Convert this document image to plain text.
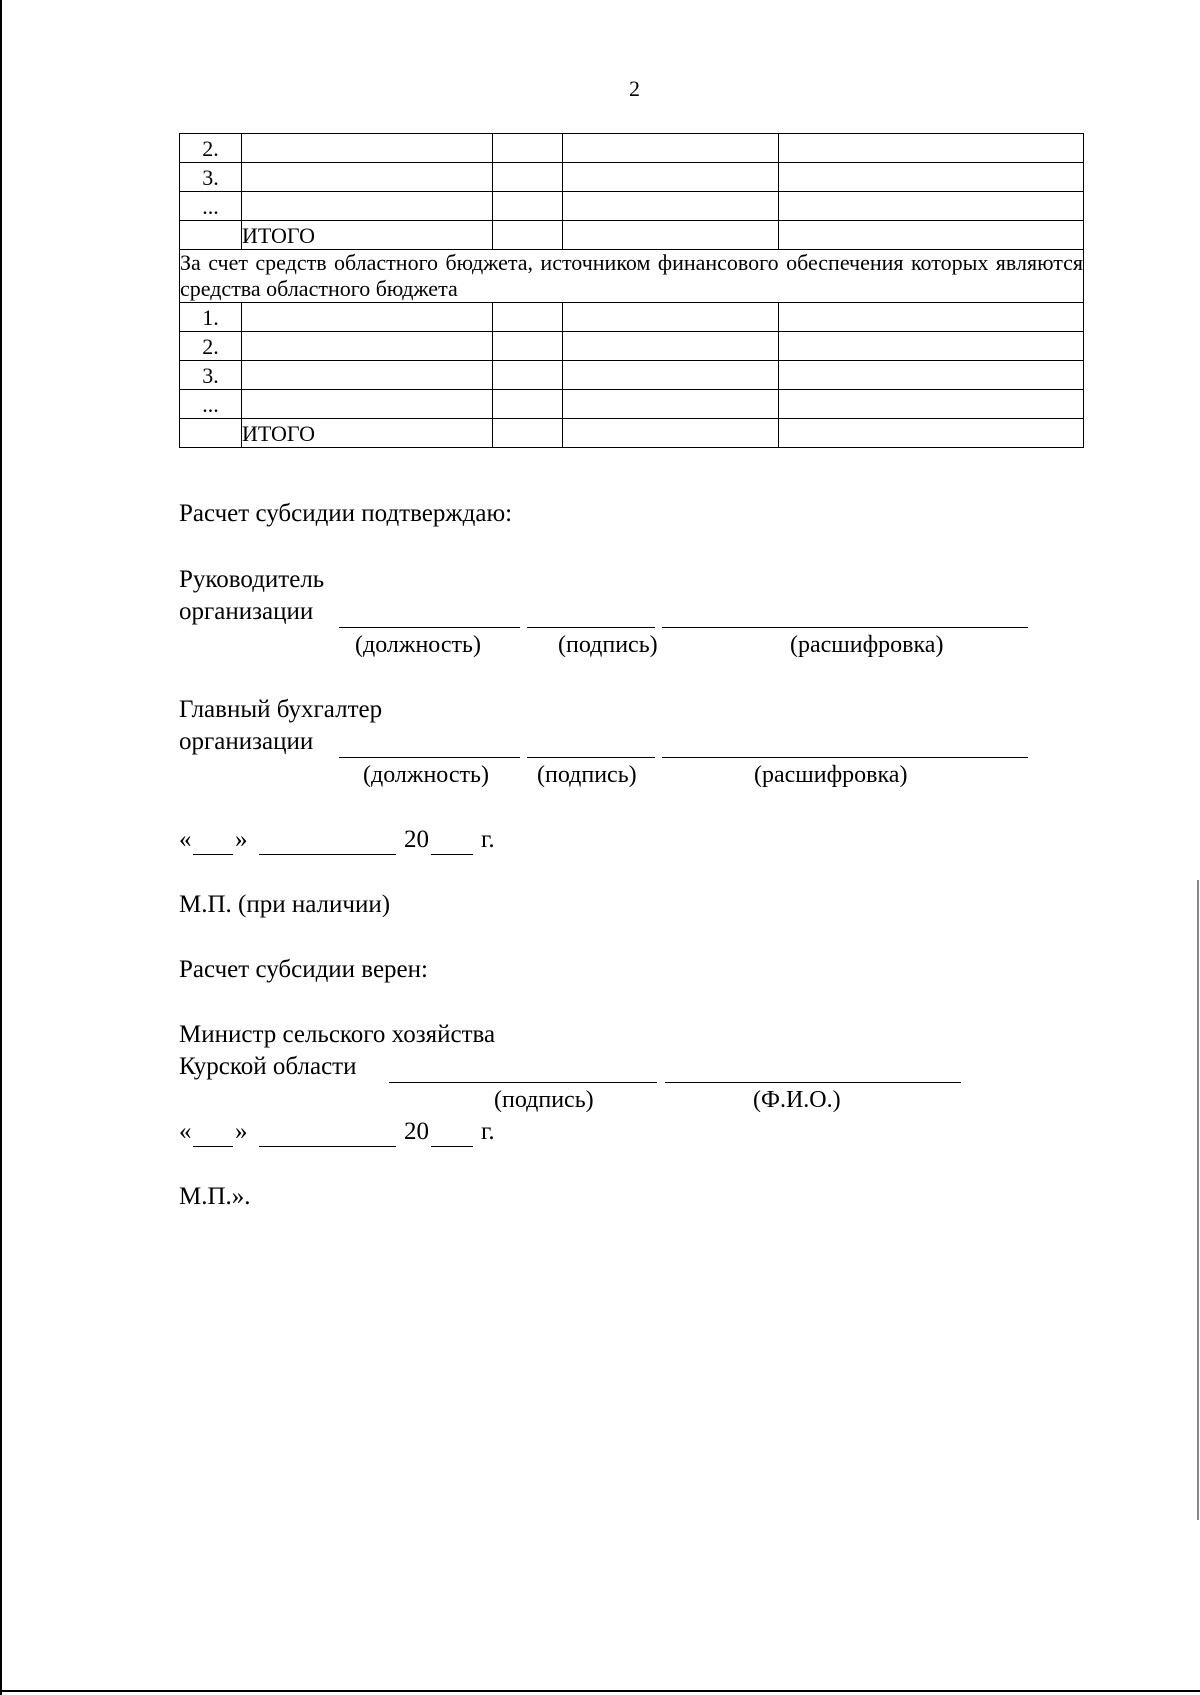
2
2.				
3.				
...				
	ИТОГО			
За счет средств областного бюджета, источником финансового обеспечения которых являются средства областного бюджета				
1.				
2.				
3.				
...				
	ИТОГО			
Расчет субсидии подтверждаю:
Руководитель
организации
(должность)	(подпись)	(расшифровка)
Главный бухгалтер
организации
(должность) (подпись)	(расшифровка)
« »	20 г.
М.П. (при наличии)
Расчет субсидии верен:
Министр сельского хозяйства
Курской области
(подпись)	(Ф.И.О.)
« »	20 г.
М.П.».
